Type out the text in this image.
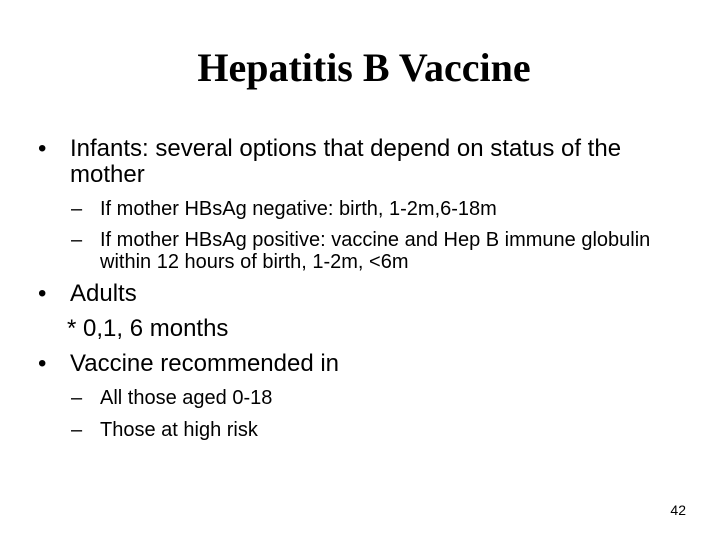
Hepatitis B Vaccine

• Infants: several options that depend on status of the mother

– If mother HBsAg negative: birth, 1-2m,6-18m

– If mother HBsAg positive: vaccine and Hep B immune globulin within 12 hours of birth, 1-2m, <6m

• Adults

* 0,1, 6 months

• Vaccine recommended in

– All those aged 0-18

– Those at high risk

42
